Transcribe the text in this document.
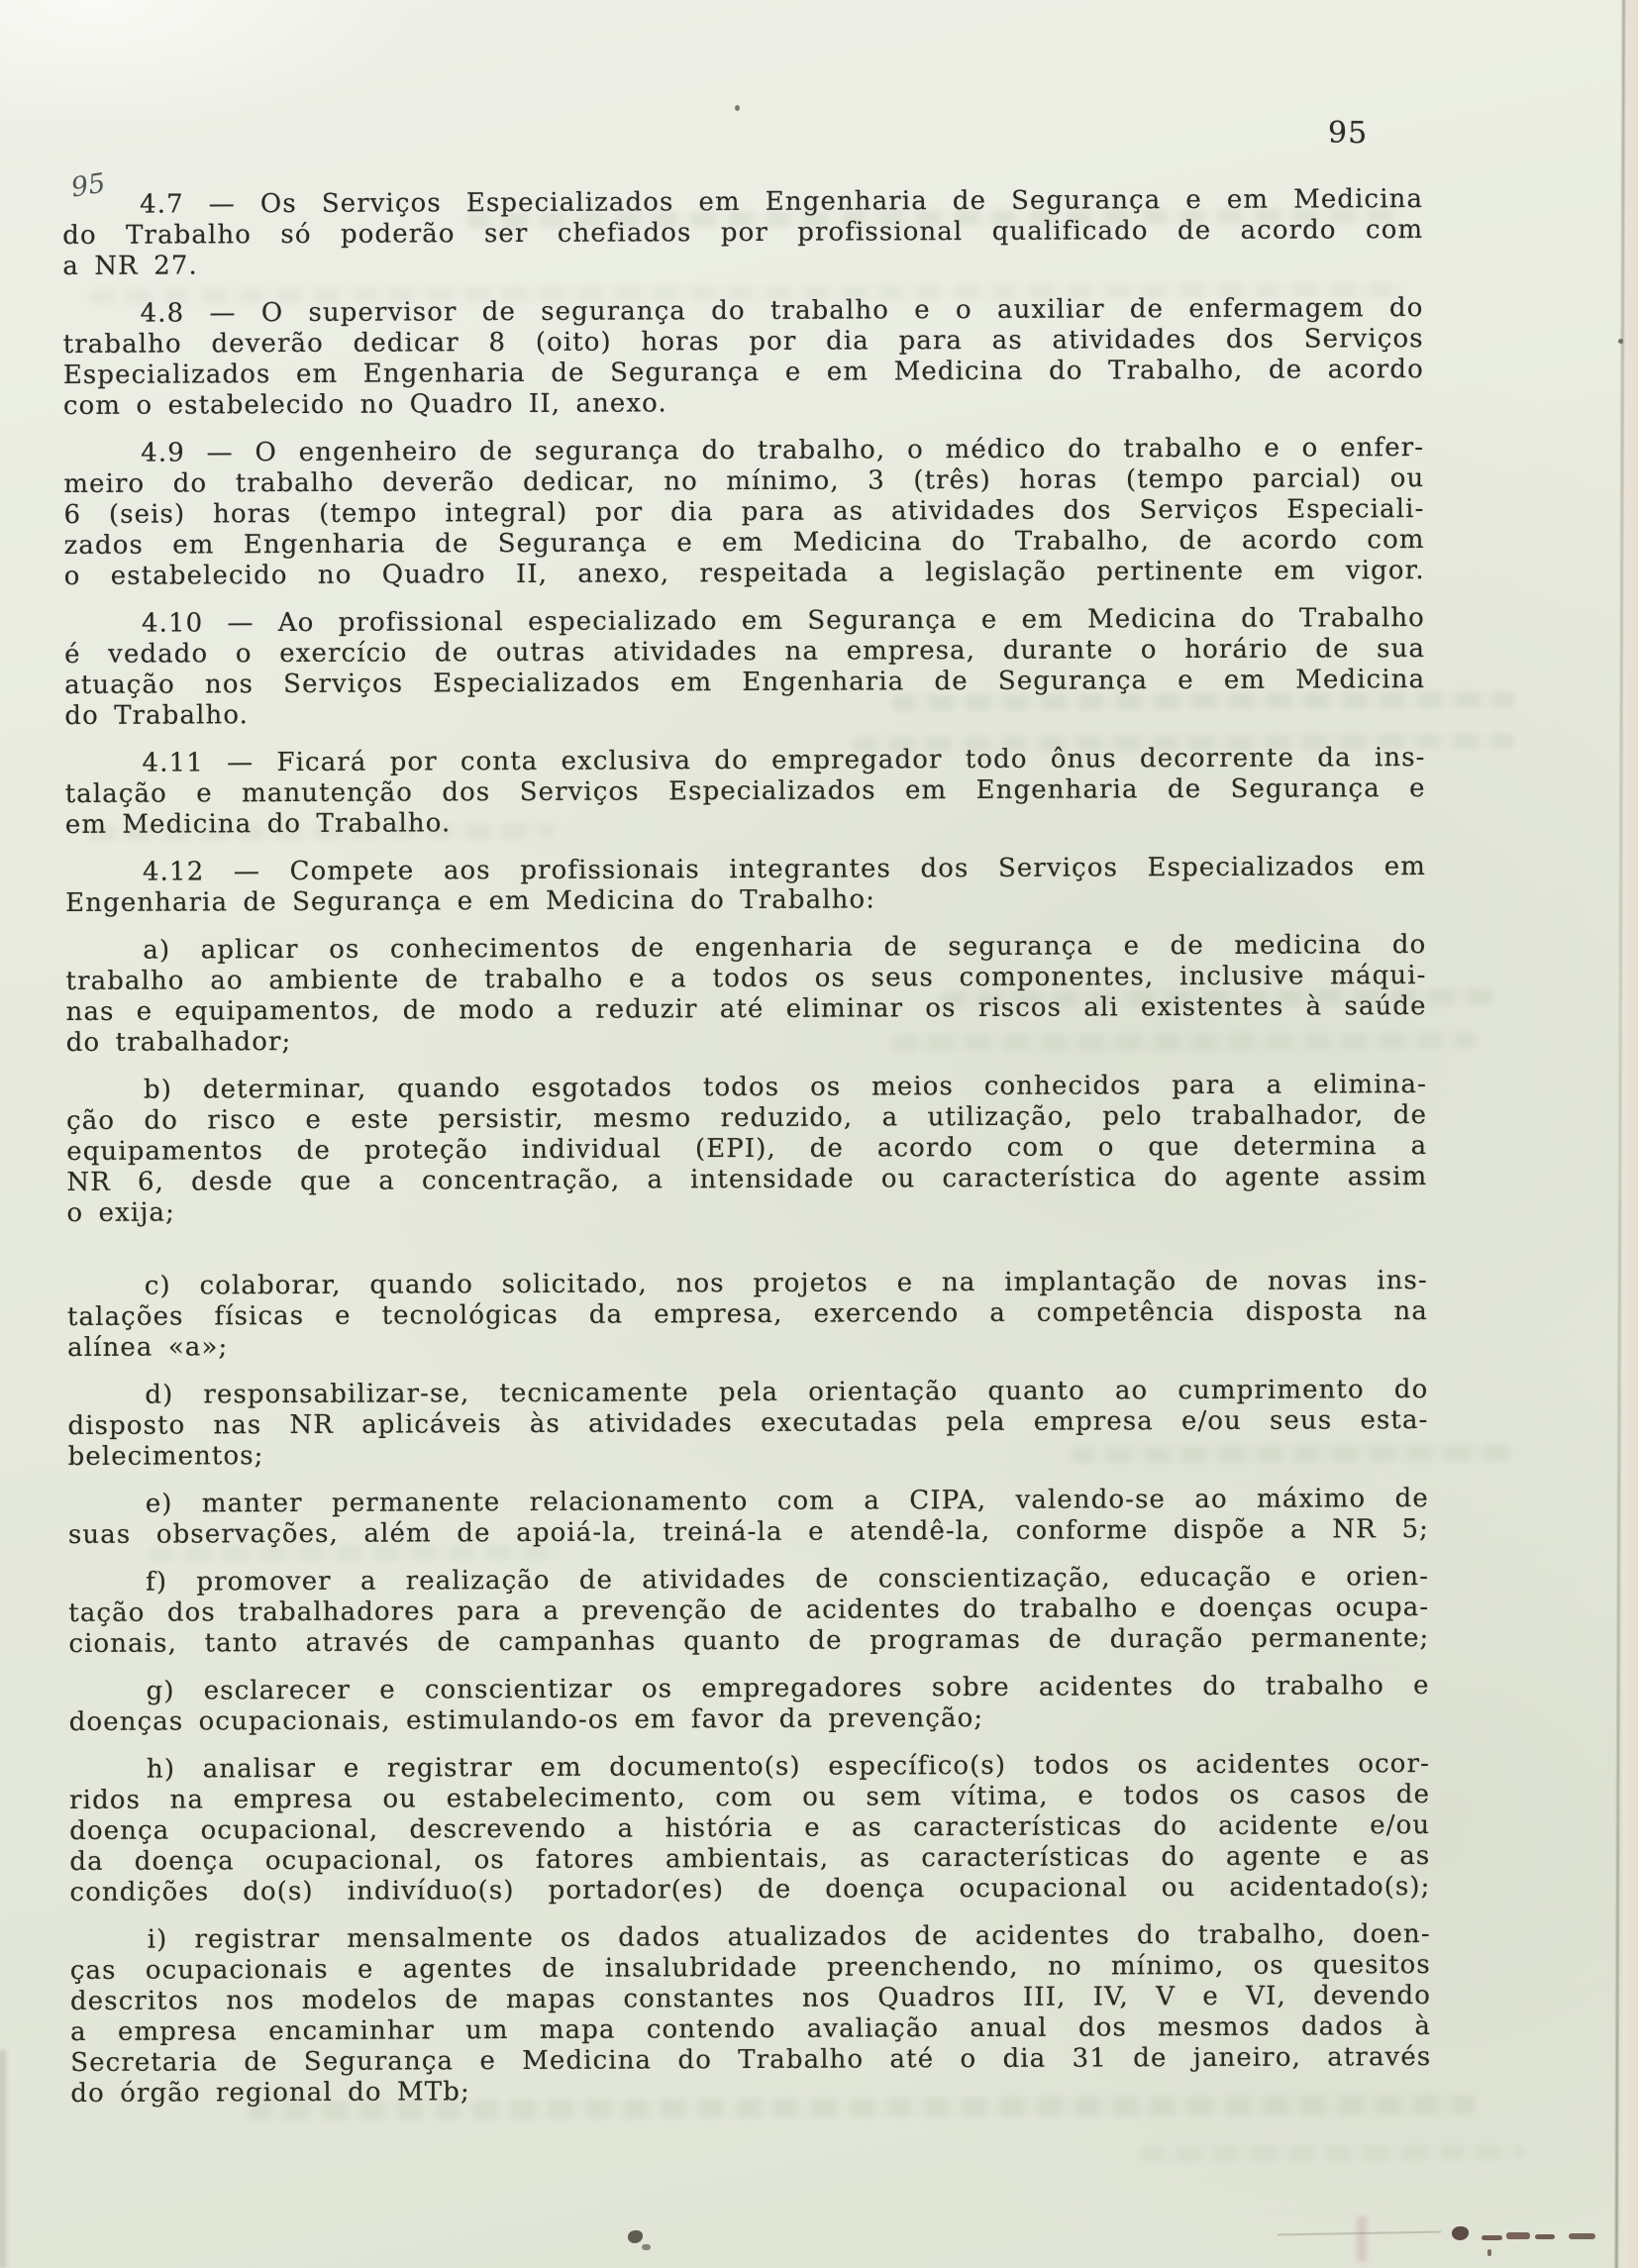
95
95	4.7 — Os Serviços Especializados em Engenharia de Segurança e em Medicina
do Trabalho só poderão ser chefiados por profissional qualificado de acordo com
a NR 27.
4.8 — O supervisor de segurança do trabalho e o auxiliar de enfermagem do
trabalho deverão dedicar 8 (oito) horas por dia para as atividades dos Serviços
Especializados em Engenharia de Segurança e em Medicina do Trabalho, de acordo
com o estabelecido no Quadro II, anexo.
4.9 — O engenheiro de segurança do trabalho, o médico do trabalho e o enfer-
meiro do trabalho deverão dedicar, no mínimo, 3 (três) horas (tempo parcial) ou
6 (seis) horas (tempo integral) por dia para as atividades dos Serviços Especiali-
zados em Engenharia de Segurança e em Medicina do Trabalho, de acordo com
o estabelecido no Quadro II, anexo, respeitada a legislação pertinente em vigor.
4.10 — Ao profissional especializado em Segurança e em Medicina do Trabalho
é vedado o exercício de outras atividades na empresa, durante o horário de sua
atuação nos Serviços Especializados em Engenharia de Segurança e em Medicina
do Trabalho.
4.11 — Ficará por conta exclusiva do empregador todo ônus decorrente da ins-
talação e manutenção dos Serviços Especializados em Engenharia de Segurança e
em Medicina do Trabalho.
4.12 — Compete aos profissionais integrantes dos Serviços Especializados em
Engenharia de Segurança e em Medicina do Trabalho:
a) aplicar os conhecimentos de engenharia de segurança e de medicina do
trabalho ao ambiente de trabalho e a todos os seus componentes, inclusive máqui-
nas e equipamentos, de modo a reduzir até eliminar os riscos ali existentes à saúde
do trabalhador;
b) determinar, quando esgotados todos os meios conhecidos para a elimina-
ção do risco e este persistir, mesmo reduzido, a utilização, pelo trabalhador, de
equipamentos de proteção individual (EPI), de acordo com o que determina a
NR 6, desde que a concentração, a intensidade ou característica do agente assim
o exija;
c) colaborar, quando solicitado, nos projetos e na implantação de novas ins-
talações físicas e tecnológicas da empresa, exercendo a competência disposta na
alínea «a»;
d) responsabilizar-se, tecnicamente pela orientação quanto ao cumprimento do
disposto nas NR aplicáveis às atividades executadas pela empresa e/ou seus esta-
belecimentos;
e) manter permanente relacionamento com a CIPA, valendo-se ao máximo de
suas observações, além de apoiá-la, treiná-la e atendê-la, conforme dispõe a NR 5;
f) promover a realização de atividades de conscientização, educação e orien-
tação dos trabalhadores para a prevenção de acidentes do trabalho e doenças ocupa-
cionais, tanto através de campanhas quanto de programas de duração permanente;
g) esclarecer e conscientizar os empregadores sobre acidentes do trabalho e
doenças ocupacionais, estimulando-os em favor da prevenção;
h) analisar e registrar em documento(s) específico(s) todos os acidentes ocor-
ridos na empresa ou estabelecimento, com ou sem vítima, e todos os casos de
doença ocupacional, descrevendo a história e as características do acidente e/ou
da doença ocupacional, os fatores ambientais, as características do agente e as
condições do(s) indivíduo(s) portador(es) de doença ocupacional ou acidentado(s);
i) registrar mensalmente os dados atualizados de acidentes do trabalho, doen-
ças ocupacionais e agentes de insalubridade preenchendo, no mínimo, os quesitos
descritos nos modelos de mapas constantes nos Quadros III, IV, V e VI, devendo
a empresa encaminhar um mapa contendo avaliação anual dos mesmos dados à
Secretaria de Segurança e Medicina do Trabalho até o dia 31 de janeiro, através
do órgão regional do MTb;
